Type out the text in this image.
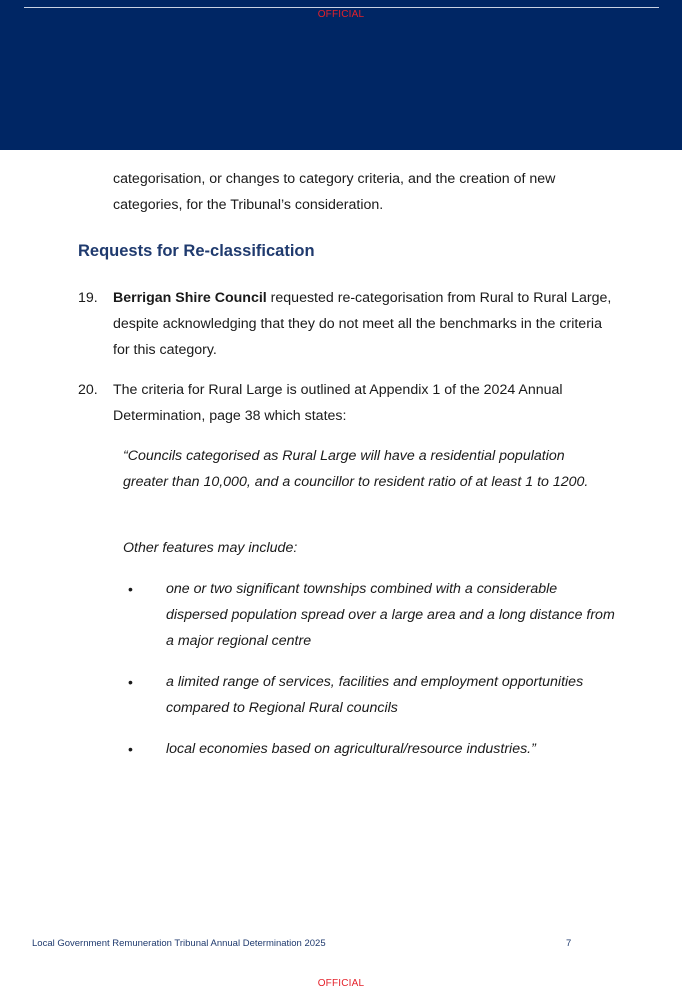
OFFICIAL

categorisation, or changes to category criteria, and the creation of new categories, for the Tribunal’s consideration.

Requests for Re-classification
19. Berrigan Shire Council requested re-categorisation from Rural to Rural Large, despite acknowledging that they do not meet all the benchmarks in the criteria for this category.

20. The criteria for Rural Large is outlined at Appendix 1 of the 2024 Annual Determination, page 38 which states:

“Councils categorised as Rural Large will have a residential population greater than 10,000, and a councillor to resident ratio of at least 1 to 1200.

Other features may include:

• one or two significant townships combined with a considerable dispersed population spread over a large area and a long distance from a major regional centre

• a limited range of services, facilities and employment opportunities compared to Regional Rural councils

• local economies based on agricultural/resource industries.”

Local Government Remuneration Tribunal Annual Determination 2025	7
OFFICIAL
